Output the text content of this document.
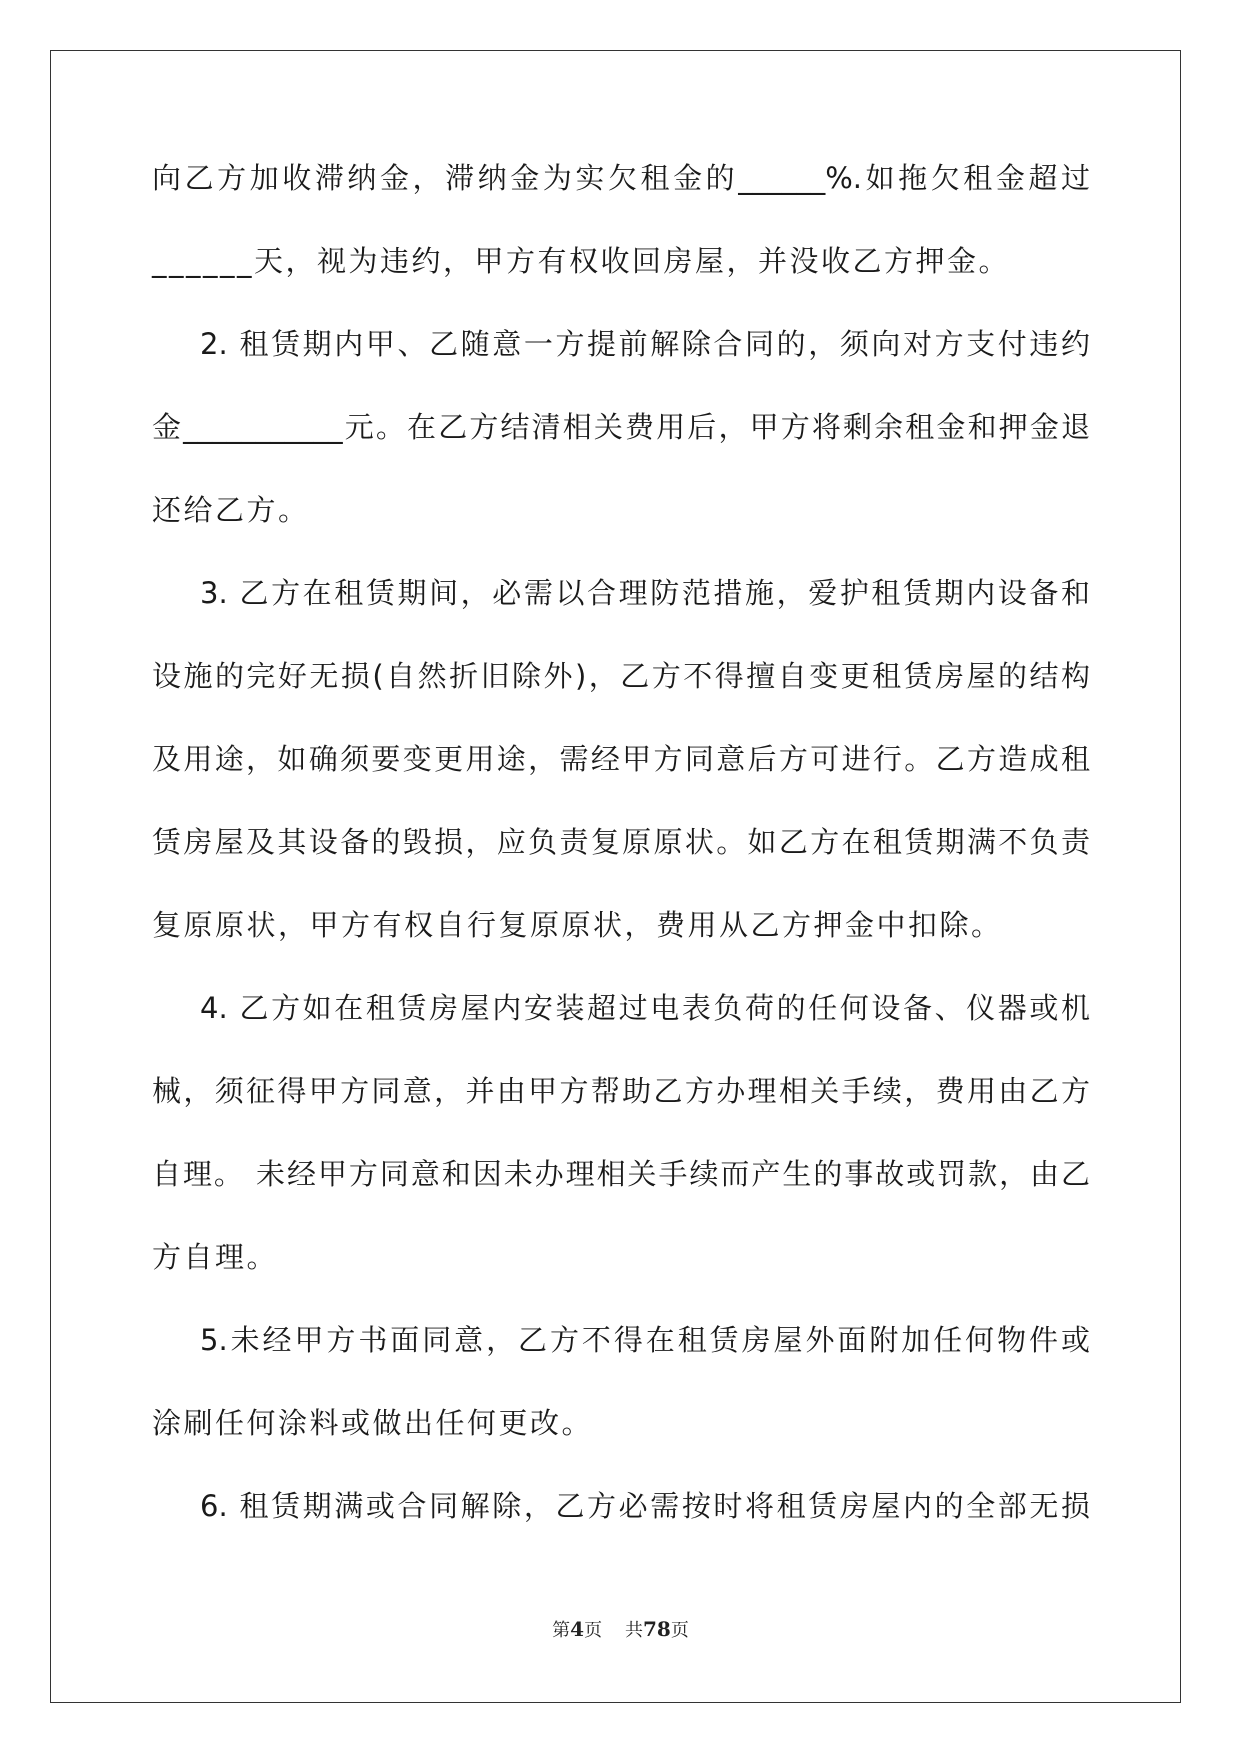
向乙方加收滞纳金，滞纳金为实欠租金的______%.如拖欠租金超过
______天，视为违约，甲方有权收回房屋，并没收乙方押金。
2. 租赁期内甲、乙随意一方提前解除合同的，须向对方支付违约
金___________元。在乙方结清相关费用后，甲方将剩余租金和押金退
还给乙方。
3. 乙方在租赁期间，必需以合理防范措施，爱护租赁期内设备和
设施的完好无损(自然折旧除外)，乙方不得擅自变更租赁房屋的结构
及用途，如确须要变更用途，需经甲方同意后方可进行。乙方造成租
赁房屋及其设备的毁损，应负责复原原状。如乙方在租赁期满不负责
复原原状，甲方有权自行复原原状，费用从乙方押金中扣除。
4. 乙方如在租赁房屋内安装超过电表负荷的任何设备、仪器或机
械，须征得甲方同意，并由甲方帮助乙方办理相关手续，费用由乙方
自理。 未经甲方同意和因未办理相关手续而产生的事故或罚款，由乙
方自理。
5.未经甲方书面同意，乙方不得在租赁房屋外面附加任何物件或
涂刷任何涂料或做出任何更改。
6. 租赁期满或合同解除，乙方必需按时将租赁房屋内的全部无损
第4页 共78页
